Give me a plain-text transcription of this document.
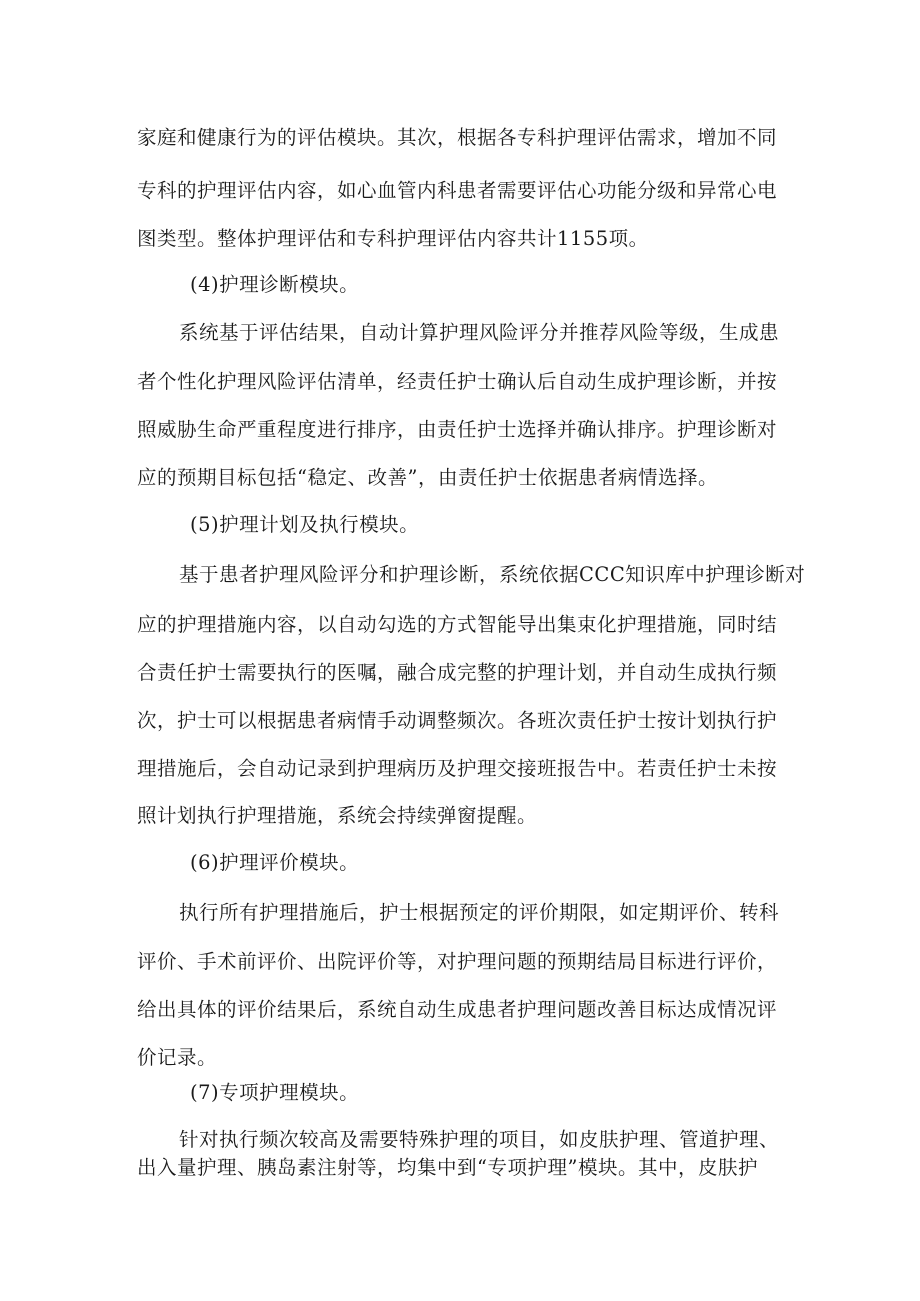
家庭和健康行为的评估模块。其次，根据各专科护理评估需求，增加不同
专科的护理评估内容，如心血管内科患者需要评估心功能分级和异常心电
图类型。整体护理评估和专科护理评估内容共计1155项。
(4)护理诊断模块。
系统基于评估结果，自动计算护理风险评分并推荐风险等级，生成患
者个性化护理风险评估清单，经责任护士确认后自动生成护理诊断，并按
照威胁生命严重程度进行排序，由责任护士选择并确认排序。护理诊断对
应的预期目标包括“稳定、改善”，由责任护士依据患者病情选择。
(5)护理计划及执行模块。
基于患者护理风险评分和护理诊断，系统依据CCC知识库中护理诊断对
应的护理措施内容，以自动勾选的方式智能导出集束化护理措施，同时结
合责任护士需要执行的医嘱，融合成完整的护理计划，并自动生成执行频
次，护士可以根据患者病情手动调整频次。各班次责任护士按计划执行护
理措施后，会自动记录到护理病历及护理交接班报告中。若责任护士未按
照计划执行护理措施，系统会持续弹窗提醒。
(6)护理评价模块。
执行所有护理措施后，护士根据预定的评价期限，如定期评价、转科
评价、手术前评价、出院评价等，对护理问题的预期结局目标进行评价，
给出具体的评价结果后，系统自动生成患者护理问题改善目标达成情况评
价记录。
(7)专项护理模块。
针对执行频次较高及需要特殊护理的项目，如皮肤护理、管道护理、
出入量护理、胰岛素注射等，均集中到“专项护理”模块。其中，皮肤护
